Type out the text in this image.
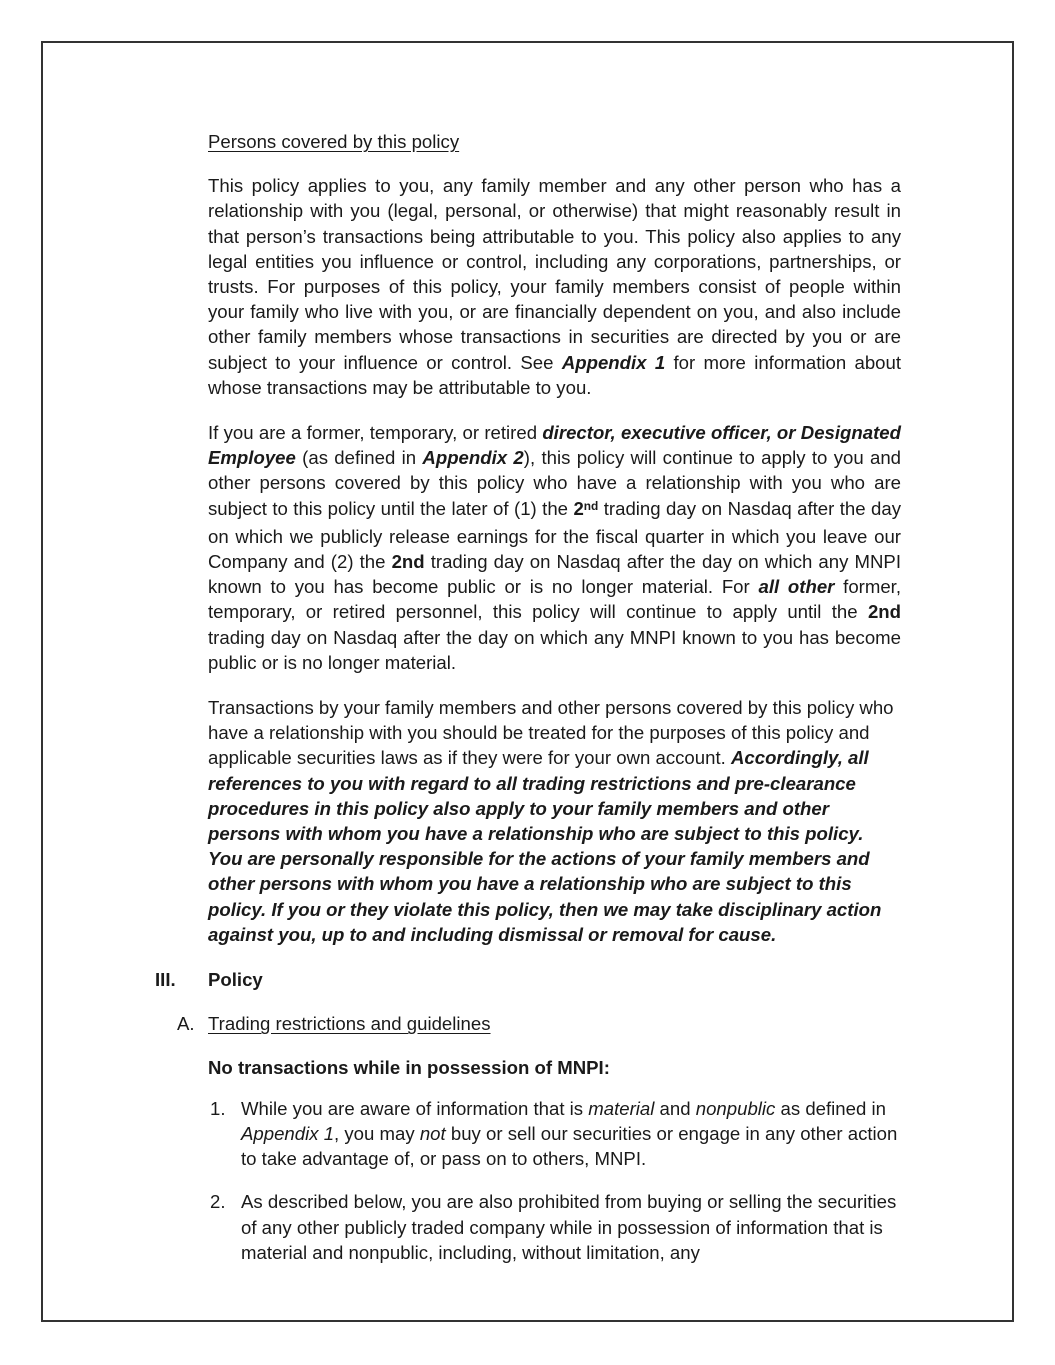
Persons covered by this policy

This policy applies to you, any family member and any other person who has a relationship with you (legal, personal, or otherwise) that might reasonably result in that person’s transactions being attributable to you. This policy also applies to any legal entities you influence or control, including any corporations, partnerships, or trusts. For purposes of this policy, your family members consist of people within your family who live with you, or are financially dependent on you, and also include other family members whose transactions in securities are directed by you or are subject to your influence or control. See Appendix 1 for more information about whose transactions may be attributable to you.

If you are a former, temporary, or retired director, executive officer, or Designated Employee (as defined in Appendix 2), this policy will continue to apply to you and other persons covered by this policy who have a relationship with you who are subject to this policy until the later of (1) the 2nd trading day on Nasdaq after the day on which we publicly release earnings for the fiscal quarter in which you leave our Company and (2) the 2nd trading day on Nasdaq after the day on which any MNPI known to you has become public or is no longer material. For all other former, temporary, or retired personnel, this policy will continue to apply until the 2nd trading day on Nasdaq after the day on which any MNPI known to you has become public or is no longer material.

Transactions by your family members and other persons covered by this policy who have a relationship with you should be treated for the purposes of this policy and applicable securities laws as if they were for your own account. Accordingly, all references to you with regard to all trading restrictions and pre-clearance procedures in this policy also apply to your family members and other persons with whom you have a relationship who are subject to this policy. You are personally responsible for the actions of your family members and other persons with whom you have a relationship who are subject to this policy. If you or they violate this policy, then we may take disciplinary action against you, up to and including dismissal or removal for cause.

III.	Policy
A. Trading restrictions and guidelines
No transactions while in possession of MNPI:
1. While you are aware of information that is material and nonpublic as defined in Appendix 1, you may not buy or sell our securities or engage in any other action to take advantage of, or pass on to others, MNPI.
2. As described below, you are also prohibited from buying or selling the securities of any other publicly traded company while in possession of information that is material and nonpublic, including, without limitation, any
